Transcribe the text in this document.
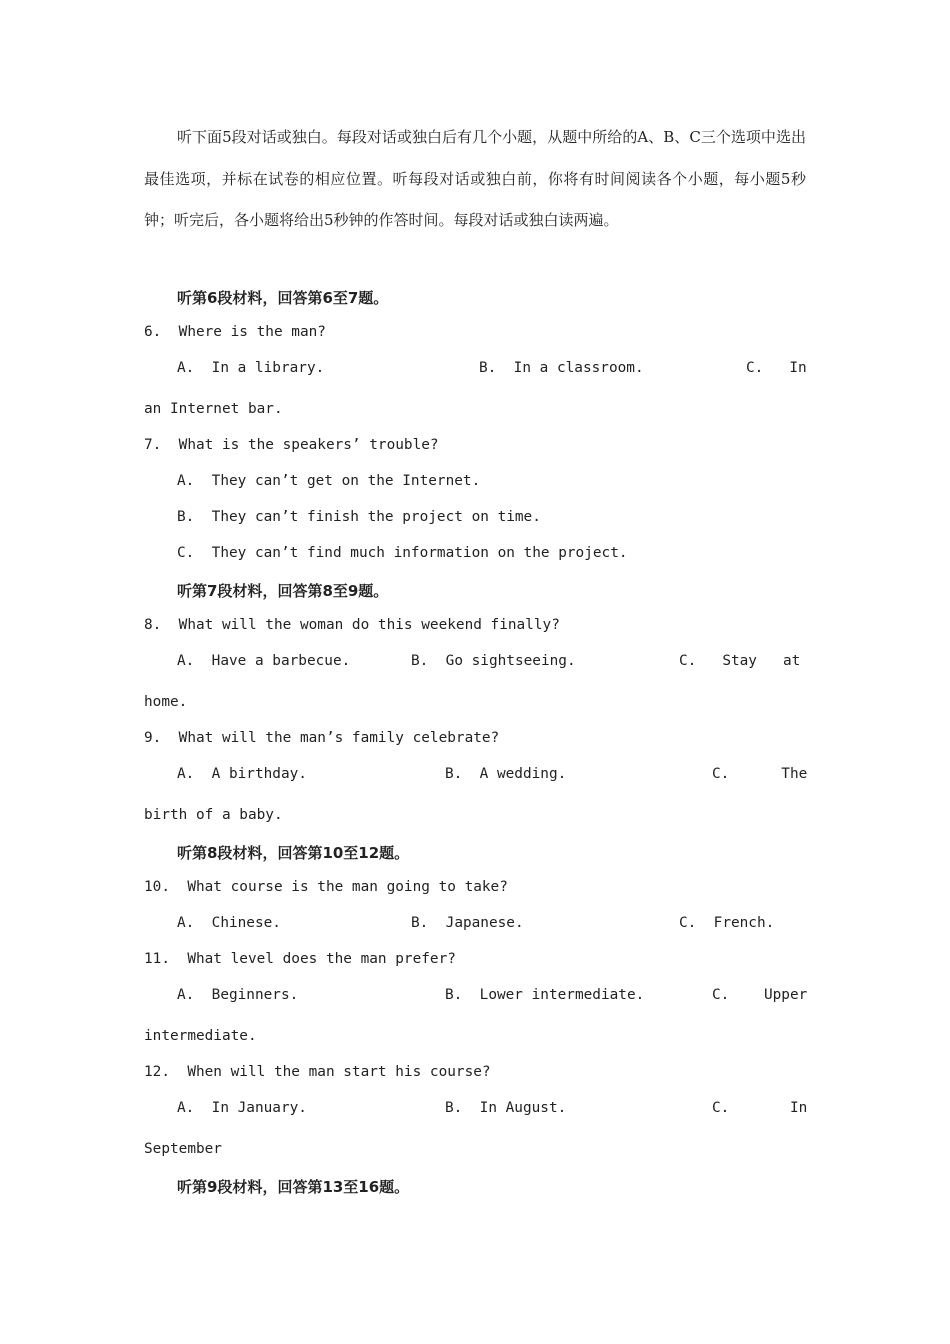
听下面5段对话或独白。每段对话或独白后有几个小题，从题中所给的A、B、C三个选项中选出最佳选项，并标在试卷的相应位置。听每段对话或独白前，你将有时间阅读各个小题，每小题5秒钟；听完后，各小题将给出5秒钟的作答时间。每段对话或独白读两遍。

听第6段材料，回答第6至7题。
6.  Where is the man?
A.  In a library.	B.  In a classroom.	C.   In
an Internet bar.
7.  What is the speakers’ trouble?
A.  They can’t get on the Internet.
B.  They can’t finish the project on time.
C.  They can’t find much information on the project.
听第7段材料，回答第8至9题。
8.  What will the woman do this weekend finally?
A.  Have a barbecue.	B.  Go sightseeing.	C.   Stay   at
home.
9.  What will the man’s family celebrate?
A.  A birthday.	B.  A wedding.	C.      The
birth of a baby.
听第8段材料，回答第10至12题。
10.  What course is the man going to take?
A.  Chinese.	B.  Japanese.	C.  French.
11.  What level does the man prefer?
A.  Beginners.	B.  Lower intermediate.	C.    Upper
intermediate.
12.  When will the man start his course?
A.  In January.	B.  In August.	C.       In
September
听第9段材料，回答第13至16题。
